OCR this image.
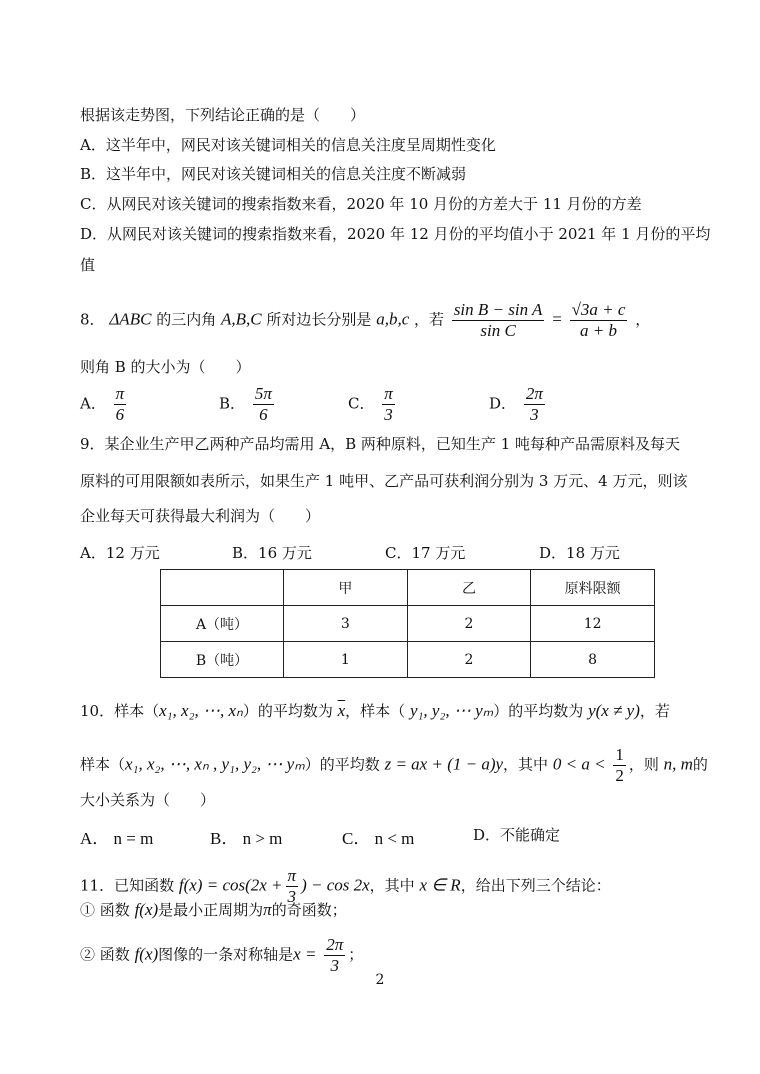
根据该走势图，下列结论正确的是（　　）
A．这半年中，网民对该关键词相关的信息关注度呈周期性变化
B．这半年中，网民对该关键词相关的信息关注度不断减弱
C．从网民对该关键词的搜索指数来看，2020 年 10 月份的方差大于 11 月份的方差
D．从网民对该关键词的搜索指数来看，2020 年 12 月份的平均值小于 2021 年 1 月份的平均
值
8． ΔABC 的三内角 A,B,C 所对边长分别是 a,b,c ，若 $\frac{\text{sin B − sin A}}{\text{sin C}} = \frac{√3a + c}{a + b}$ ，
则角 B 的大小为（　　）
A． $\frac{\pi}{6}$	B． $\frac{5\pi}{6}$	C． $\frac{\pi}{3}$	D． $\frac{2\pi}{3}$
9．某企业生产甲乙两种产品均需用 A，B 两种原料，已知生产 1 吨每种产品需原料及每天
原料的可用限额如表所示，如果生产 1 吨甲、乙产品可获利润分别为 3 万元、4 万元，则该
企业每天可获得最大利润为（　　）
A．12 万元	B．16 万元	C．17 万元	D．18 万元
	甲	乙	原料限额
A（吨）	3	2	12
B（吨）	1	2	8
10．样本（x₁, x₂, ⋯, xₙ）的平均数为 $\overline{x}$，样本（ y₁, y₂, ⋯ yₘ）的平均数为 y(x ≠ y)，若
样本（x₁, x₂, ⋯, xₙ , y₁, y₂, ⋯ yₘ）的平均数 z = ax + (1 − a)y，其中 $0 < a < \frac{1}{2}$ ，则 n, m的
大小关系为（　　）
A． n = m	B． n > m	C． n < m	D．不能确定
11．已知函数 $f(x) = \cos(2x + \frac{\pi}{3}$ ) − cos 2x，其中 x ∈ R，给出下列三个结论：
① 函数 f(x)是最小正周期为π的奇函数；
② 函数 f(x)图像的一条对称轴是$x = \frac{2\pi}{3}$ ；
2
